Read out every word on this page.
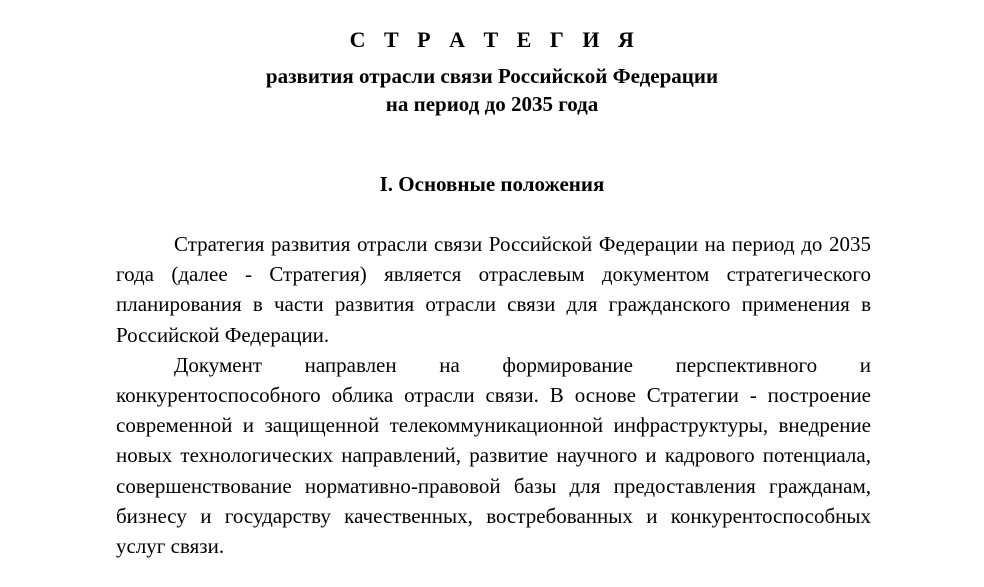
С Т Р А Т Е Г И Я
развития отрасли связи Российской Федерации
на период до 2035 года
I. Основные положения

Стратегия развития отрасли связи Российской Федерации на период до 2035 года (далее - Стратегия) является отраслевым документом стратегического планирования в части развития отрасли связи для гражданского применения в Российской Федерации.

Документ направлен на формирование перспективного и конкурентоспособного облика отрасли связи. В основе Стратегии - построение современной и защищенной телекоммуникационной инфраструктуры, внедрение новых технологических направлений, развитие научного и кадрового потенциала, совершенствование нормативно-правовой базы для предоставления гражданам, бизнесу и государству качественных, востребованных и конкурентоспособных услуг связи.
